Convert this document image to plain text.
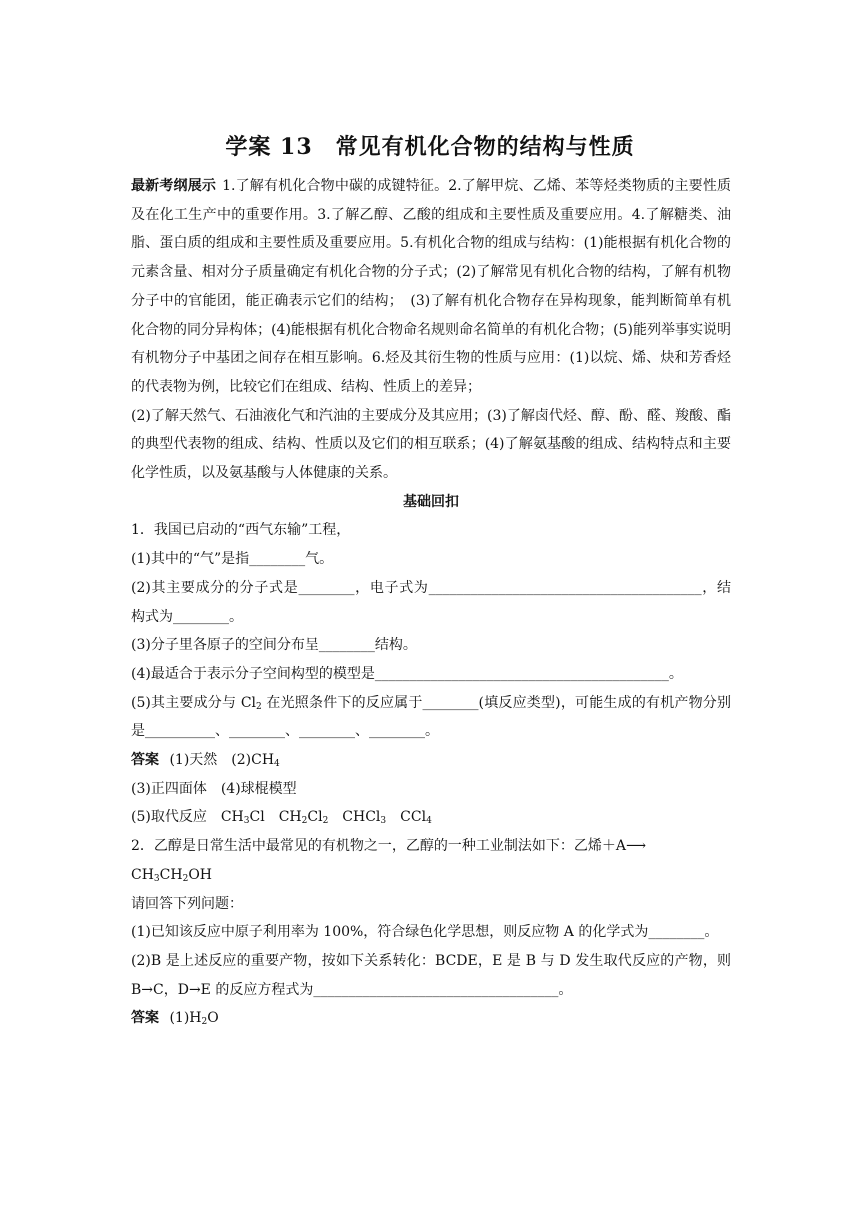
学案 13　常见有机化合物的结构与性质

最新考纲展示 1.了解有机化合物中碳的成键特征。2.了解甲烷、乙烯、苯等烃类物质的主要性质及在化工生产中的重要作用。3.了解乙醇、乙酸的组成和主要性质及重要应用。4.了解糖类、油脂、蛋白质的组成和主要性质及重要应用。5.有机化合物的组成与结构：(1)能根据有机化合物的元素含量、相对分子质量确定有机化合物的分子式；(2)了解常见有机化合物的结构，了解有机物分子中的官能团，能正确表示它们的结构；　(3)了解有机化合物存在异构现象，能判断简单有机化合物的同分异构体；(4)能根据有机化合物命名规则命名简单的有机化合物；(5)能列举事实说明有机物分子中基团之间存在相互影响。6.烃及其衍生物的性质与应用：(1)以烷、烯、炔和芳香烃的代表物为例，比较它们在组成、结构、性质上的差异；

(2)了解天然气、石油液化气和汽油的主要成分及其应用；(3)了解卤代烃、醇、酚、醛、羧酸、酯的典型代表物的组成、结构、性质以及它们的相互联系；(4)了解氨基酸的组成、结构特点和主要化学性质，以及氨基酸与人体健康的关系。

基础回扣

1．我国已启动的“西气东输”工程，

(1)其中的“气”是指________气。

(2)其主要成分的分子式是________，电子式为_______________________________________，结构式为________。

(3)分子里各原子的空间分布呈________结构。

(4)最适合于表示分子空间构型的模型是__________________________________________。

(5)其主要成分与 $Cl_2$ 在光照条件下的反应属于________(填反应类型)，可能生成的有机产物分别是__________、________、________、________。

答案 (1)天然　$(2)CH_4$

(3)正四面体　(4)球棍模型

(5)取代反应　$CH_3Cl$　$CH_2Cl_2$　CHCl$_3$　CCl$_4$

2．乙醇是日常生活中最常见的有机物之一，乙醇的一种工业制法如下：乙烯＋A⟶

$CH_3CH_2OH$

请回答下列问题：

(1)已知该反应中原子利用率为 100%，符合绿色化学思想，则反应物 A 的化学式为________。

(2)B 是上述反应的重要产物，按如下关系转化：BCDE，E 是 B 与 D 发生取代反应的产物，则 B→C，D→E 的反应方程式为___________________________________。

答案 $(1)H_2O$
